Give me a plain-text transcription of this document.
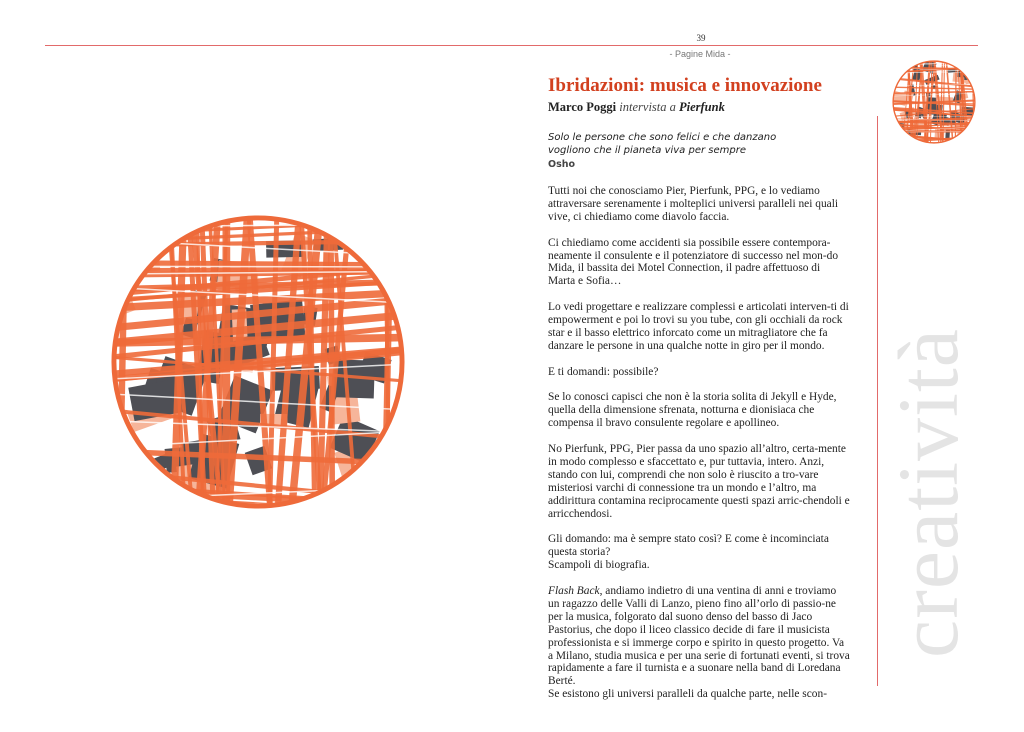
39
- Pagine Mida -
creatività
Ibridazioni: musica e innovazione
Marco Poggi intervista a Pierfunk
Solo le persone che sono felici e che danzano
vogliono che il pianeta viva per sempre
Osho

Tutti noi che conosciamo Pier, Pierfunk, PPG, e lo vediamo attraversare serenamente i molteplici universi paralleli nei quali vive, ci chiediamo come diavolo faccia.

Ci chiediamo come accidenti sia possibile essere contempora-neamente il consulente e il potenziatore di successo nel mon-do Mida, il bassita dei Motel Connection, il padre affettuoso di Marta e Sofia…

Lo vedi progettare e realizzare complessi e articolati interven-ti di empowerment e poi lo trovi su you tube, con gli occhiali da rock star e il basso elettrico inforcato come un mitragliatore che fa danzare le persone in una qualche notte in giro per il mondo.

E ti domandi: possibile?

Se lo conosci capisci che non è la storia solita di Jekyll e Hyde, quella della dimensione sfrenata, notturna e dionisiaca che compensa il bravo consulente regolare e apollineo.

No Pierfunk, PPG, Pier passa da uno spazio all’altro, certa-mente in modo complesso e sfaccettato e, pur tuttavia, intero. Anzi, stando con lui, comprendi che non solo è riuscito a tro-vare misteriosi varchi di connessione tra un mondo e l’altro, ma addirittura contamina reciprocamente questi spazi arric-chendoli e arricchendosi.

Gli domando: ma è sempre stato così? E come è incominciata questa storia?

Scampoli di biografia.

Flash Back, andiamo indietro di una ventina di anni e troviamo un ragazzo delle Valli di Lanzo, pieno fino all’orlo di passio-ne per la musica, folgorato dal suono denso del basso di Jaco Pastorius, che dopo il liceo classico decide di fare il musicista professionista e si immerge corpo e spirito in questo progetto. Va a Milano, studia musica e per una serie di fortunati eventi, si trova rapidamente a fare il turnista e a suonare nella band di Loredana Berté.

Se esistono gli universi paralleli da qualche parte, nelle scon-
